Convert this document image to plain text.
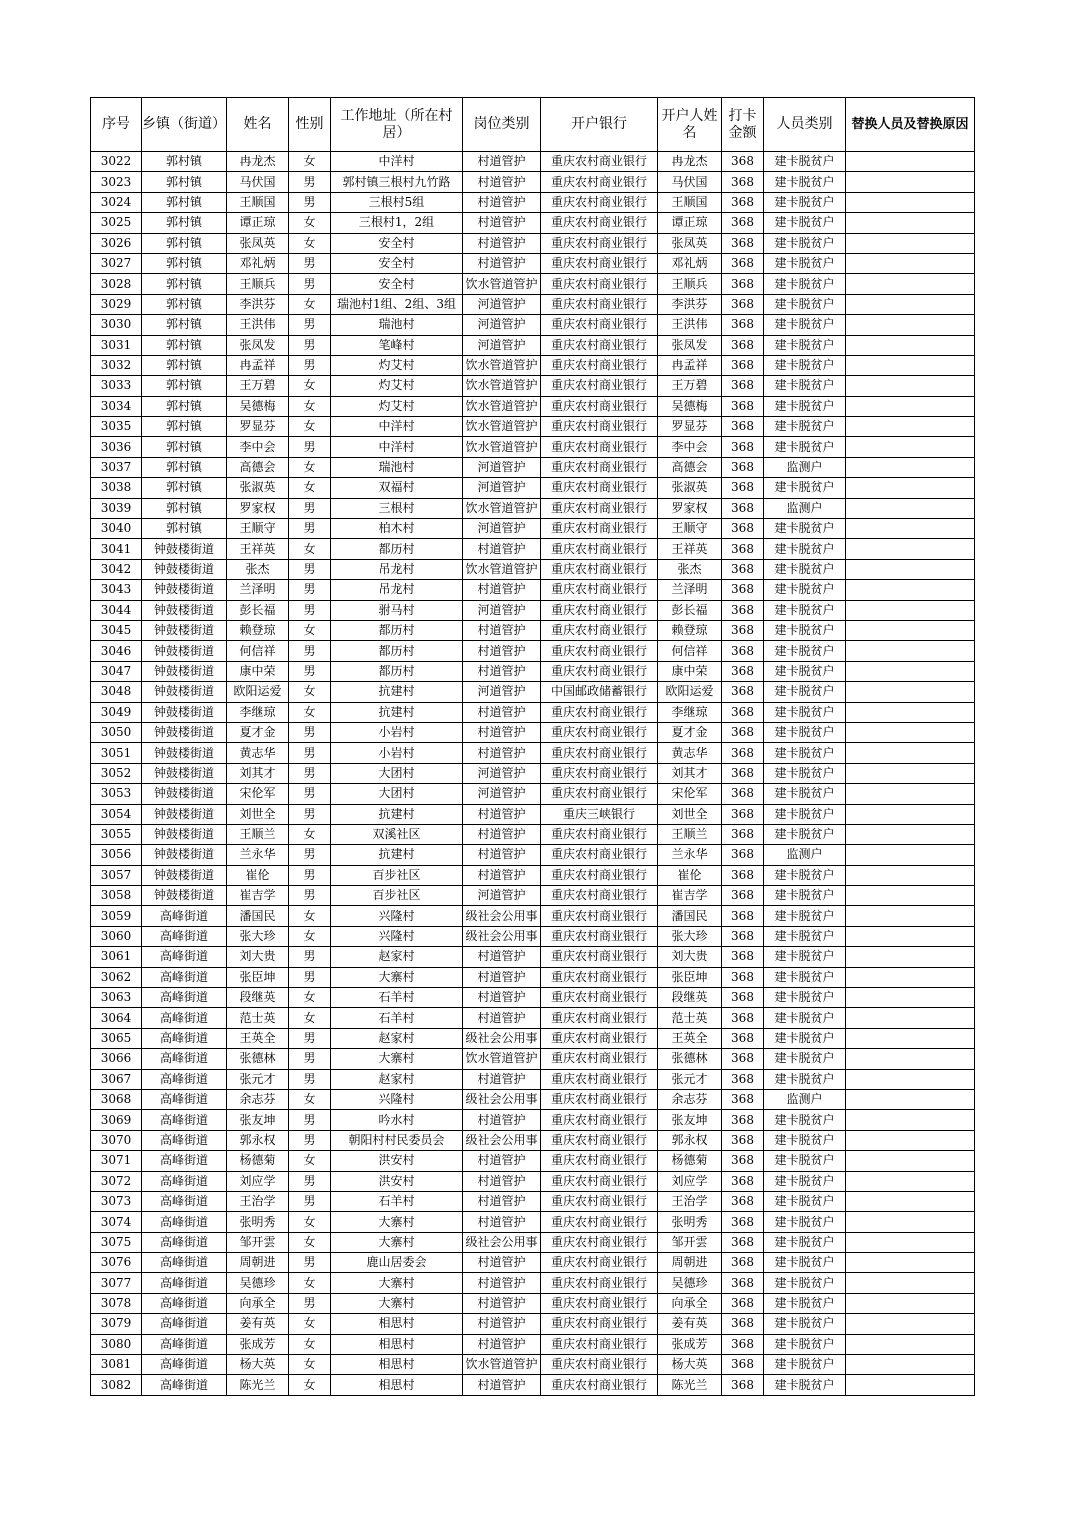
序号	乡镇（街道）	姓名	性别	工作地址（所在村居）	岗位类别	开户银行	开户人姓名	打卡金额	人员类别	替换人员及替换原因
3022	郭村镇	冉龙杰	女	中洋村	村道管护	重庆农村商业银行	冉龙杰	368	建卡脱贫户	
3023	郭村镇	马伏国	男	郭村镇三根村九竹路	村道管护	重庆农村商业银行	马伏国	368	建卡脱贫户	
3024	郭村镇	王顺国	男	三根村5组	村道管护	重庆农村商业银行	王顺国	368	建卡脱贫户	
3025	郭村镇	谭正琼	女	三根村1，2组	村道管护	重庆农村商业银行	谭正琼	368	建卡脱贫户	
3026	郭村镇	张凤英	女	安全村	村道管护	重庆农村商业银行	张凤英	368	建卡脱贫户	
3027	郭村镇	邓礼炳	男	安全村	村道管护	重庆农村商业银行	邓礼炳	368	建卡脱贫户	
3028	郭村镇	王顺兵	男	安全村	饮水管道管护	重庆农村商业银行	王顺兵	368	建卡脱贫户	
3029	郭村镇	李洪芬	女	瑞池村1组、2组、3组	河道管护	重庆农村商业银行	李洪芬	368	建卡脱贫户	
3030	郭村镇	王洪伟	男	瑞池村	河道管护	重庆农村商业银行	王洪伟	368	建卡脱贫户	
3031	郭村镇	张凤发	男	笔峰村	河道管护	重庆农村商业银行	张凤发	368	建卡脱贫户	
3032	郭村镇	冉孟祥	男	灼艾村	饮水管道管护	重庆农村商业银行	冉孟祥	368	建卡脱贫户	
3033	郭村镇	王万碧	女	灼艾村	饮水管道管护	重庆农村商业银行	王万碧	368	建卡脱贫户	
3034	郭村镇	吴德梅	女	灼艾村	饮水管道管护	重庆农村商业银行	吴德梅	368	建卡脱贫户	
3035	郭村镇	罗显芬	女	中洋村	饮水管道管护	重庆农村商业银行	罗显芬	368	建卡脱贫户	
3036	郭村镇	李中会	男	中洋村	饮水管道管护	重庆农村商业银行	李中会	368	建卡脱贫户	
3037	郭村镇	高德会	女	瑞池村	河道管护	重庆农村商业银行	高德会	368	监测户	
3038	郭村镇	张淑英	女	双福村	河道管护	重庆农村商业银行	张淑英	368	建卡脱贫户	
3039	郭村镇	罗家权	男	三根村	饮水管道管护	重庆农村商业银行	罗家权	368	监测户	
3040	郭村镇	王顺守	男	柏木村	河道管护	重庆农村商业银行	王顺守	368	建卡脱贫户	
3041	钟鼓楼街道	王祥英	女	都历村	村道管护	重庆农村商业银行	王祥英	368	建卡脱贫户	
3042	钟鼓楼街道	张杰	男	吊龙村	饮水管道管护	重庆农村商业银行	张杰	368	建卡脱贫户	
3043	钟鼓楼街道	兰泽明	男	吊龙村	村道管护	重庆农村商业银行	兰泽明	368	建卡脱贫户	
3044	钟鼓楼街道	彭长福	男	驸马村	河道管护	重庆农村商业银行	彭长福	368	建卡脱贫户	
3045	钟鼓楼街道	赖登琼	女	都历村	村道管护	重庆农村商业银行	赖登琼	368	建卡脱贫户	
3046	钟鼓楼街道	何信祥	男	都历村	村道管护	重庆农村商业银行	何信祥	368	建卡脱贫户	
3047	钟鼓楼街道	康中荣	男	都历村	村道管护	重庆农村商业银行	康中荣	368	建卡脱贫户	
3048	钟鼓楼街道	欧阳运爱	女	抗建村	河道管护	中国邮政储蓄银行	欧阳运爱	368	建卡脱贫户	
3049	钟鼓楼街道	李继琼	女	抗建村	村道管护	重庆农村商业银行	李继琼	368	建卡脱贫户	
3050	钟鼓楼街道	夏才金	男	小岩村	村道管护	重庆农村商业银行	夏才金	368	建卡脱贫户	
3051	钟鼓楼街道	黄志华	男	小岩村	村道管护	重庆农村商业银行	黄志华	368	建卡脱贫户	
3052	钟鼓楼街道	刘其才	男	大团村	河道管护	重庆农村商业银行	刘其才	368	建卡脱贫户	
3053	钟鼓楼街道	宋伦军	男	大团村	河道管护	重庆农村商业银行	宋伦军	368	建卡脱贫户	
3054	钟鼓楼街道	刘世全	男	抗建村	村道管护	重庆三峡银行	刘世全	368	建卡脱贫户	
3055	钟鼓楼街道	王顺兰	女	双溪社区	村道管护	重庆农村商业银行	王顺兰	368	建卡脱贫户	
3056	钟鼓楼街道	兰永华	男	抗建村	村道管护	重庆农村商业银行	兰永华	368	监测户	
3057	钟鼓楼街道	崔伦	男	百步社区	村道管护	重庆农村商业银行	崔伦	368	建卡脱贫户	
3058	钟鼓楼街道	崔吉学	男	百步社区	河道管护	重庆农村商业银行	崔吉学	368	建卡脱贫户	
3059	高峰街道	潘国民	女	兴隆村	级社会公用事	重庆农村商业银行	潘国民	368	建卡脱贫户	
3060	高峰街道	张大珍	女	兴隆村	级社会公用事	重庆农村商业银行	张大珍	368	建卡脱贫户	
3061	高峰街道	刘大贵	男	赵家村	村道管护	重庆农村商业银行	刘大贵	368	建卡脱贫户	
3062	高峰街道	张臣坤	男	大寨村	村道管护	重庆农村商业银行	张臣坤	368	建卡脱贫户	
3063	高峰街道	段继英	女	石羊村	村道管护	重庆农村商业银行	段继英	368	建卡脱贫户	
3064	高峰街道	范士英	女	石羊村	村道管护	重庆农村商业银行	范士英	368	建卡脱贫户	
3065	高峰街道	王英全	男	赵家村	级社会公用事	重庆农村商业银行	王英全	368	建卡脱贫户	
3066	高峰街道	张德林	男	大寨村	饮水管道管护	重庆农村商业银行	张德林	368	建卡脱贫户	
3067	高峰街道	张元才	男	赵家村	村道管护	重庆农村商业银行	张元才	368	建卡脱贫户	
3068	高峰街道	余志芬	女	兴隆村	级社会公用事	重庆农村商业银行	余志芬	368	监测户	
3069	高峰街道	张友坤	男	吟水村	村道管护	重庆农村商业银行	张友坤	368	建卡脱贫户	
3070	高峰街道	郭永权	男	朝阳村村民委员会	级社会公用事	重庆农村商业银行	郭永权	368	建卡脱贫户	
3071	高峰街道	杨德菊	女	洪安村	村道管护	重庆农村商业银行	杨德菊	368	建卡脱贫户	
3072	高峰街道	刘应学	男	洪安村	村道管护	重庆农村商业银行	刘应学	368	建卡脱贫户	
3073	高峰街道	王治学	男	石羊村	村道管护	重庆农村商业银行	王治学	368	建卡脱贫户	
3074	高峰街道	张明秀	女	大寨村	村道管护	重庆农村商业银行	张明秀	368	建卡脱贫户	
3075	高峰街道	邹开雲	女	大寨村	级社会公用事	重庆农村商业银行	邹开雲	368	建卡脱贫户	
3076	高峰街道	周朝进	男	鹿山居委会	村道管护	重庆农村商业银行	周朝进	368	建卡脱贫户	
3077	高峰街道	吴德珍	女	大寨村	村道管护	重庆农村商业银行	吴德珍	368	建卡脱贫户	
3078	高峰街道	向承全	男	大寨村	村道管护	重庆农村商业银行	向承全	368	建卡脱贫户	
3079	高峰街道	姜有英	女	相思村	村道管护	重庆农村商业银行	姜有英	368	建卡脱贫户	
3080	高峰街道	张成芳	女	相思村	村道管护	重庆农村商业银行	张成芳	368	建卡脱贫户	
3081	高峰街道	杨大英	女	相思村	饮水管道管护	重庆农村商业银行	杨大英	368	建卡脱贫户	
3082	高峰街道	陈光兰	女	相思村	村道管护	重庆农村商业银行	陈光兰	368	建卡脱贫户	
